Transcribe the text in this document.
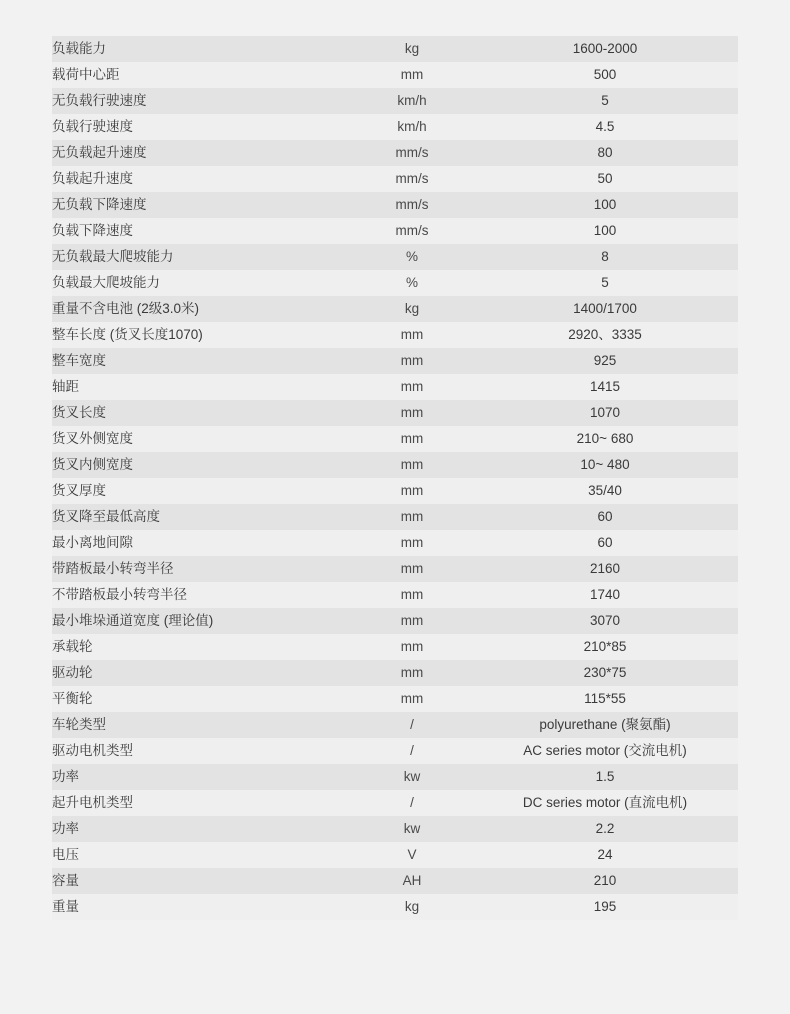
负载能力	kg	1600-2000
载荷中心距	mm	500
无负载行驶速度	km/h	5
负载行驶速度	km/h	4.5
无负载起升速度	mm/s	80
负载起升速度	mm/s	50
无负载下降速度	mm/s	100
负载下降速度	mm/s	100
无负载最大爬坡能力	%	8
负载最大爬坡能力	%	5
重量不含电池 (2级3.0米)	kg	1400/1700
整车长度 (货叉长度1070)	mm	2920、3335
整车宽度	mm	925
轴距	mm	1415
货叉长度	mm	1070
货叉外侧宽度	mm	210~ 680
货叉内侧宽度	mm	10~ 480
货叉厚度	mm	35/40
货叉降至最低高度	mm	60
最小离地间隙	mm	60
带踏板最小转弯半径	mm	2160
不带踏板最小转弯半径	mm	1740
最小堆垛通道宽度 (理论值)	mm	3070
承载轮	mm	210*85
驱动轮	mm	230*75
平衡轮	mm	115*55
车轮类型	/	polyurethane (聚氨酯)
驱动电机类型	/	AC series motor (交流电机)
功率	kw	1.5
起升电机类型	/	DC series motor (直流电机)
功率	kw	2.2
电压	V	24
容量	AH	210
重量	kg	195
